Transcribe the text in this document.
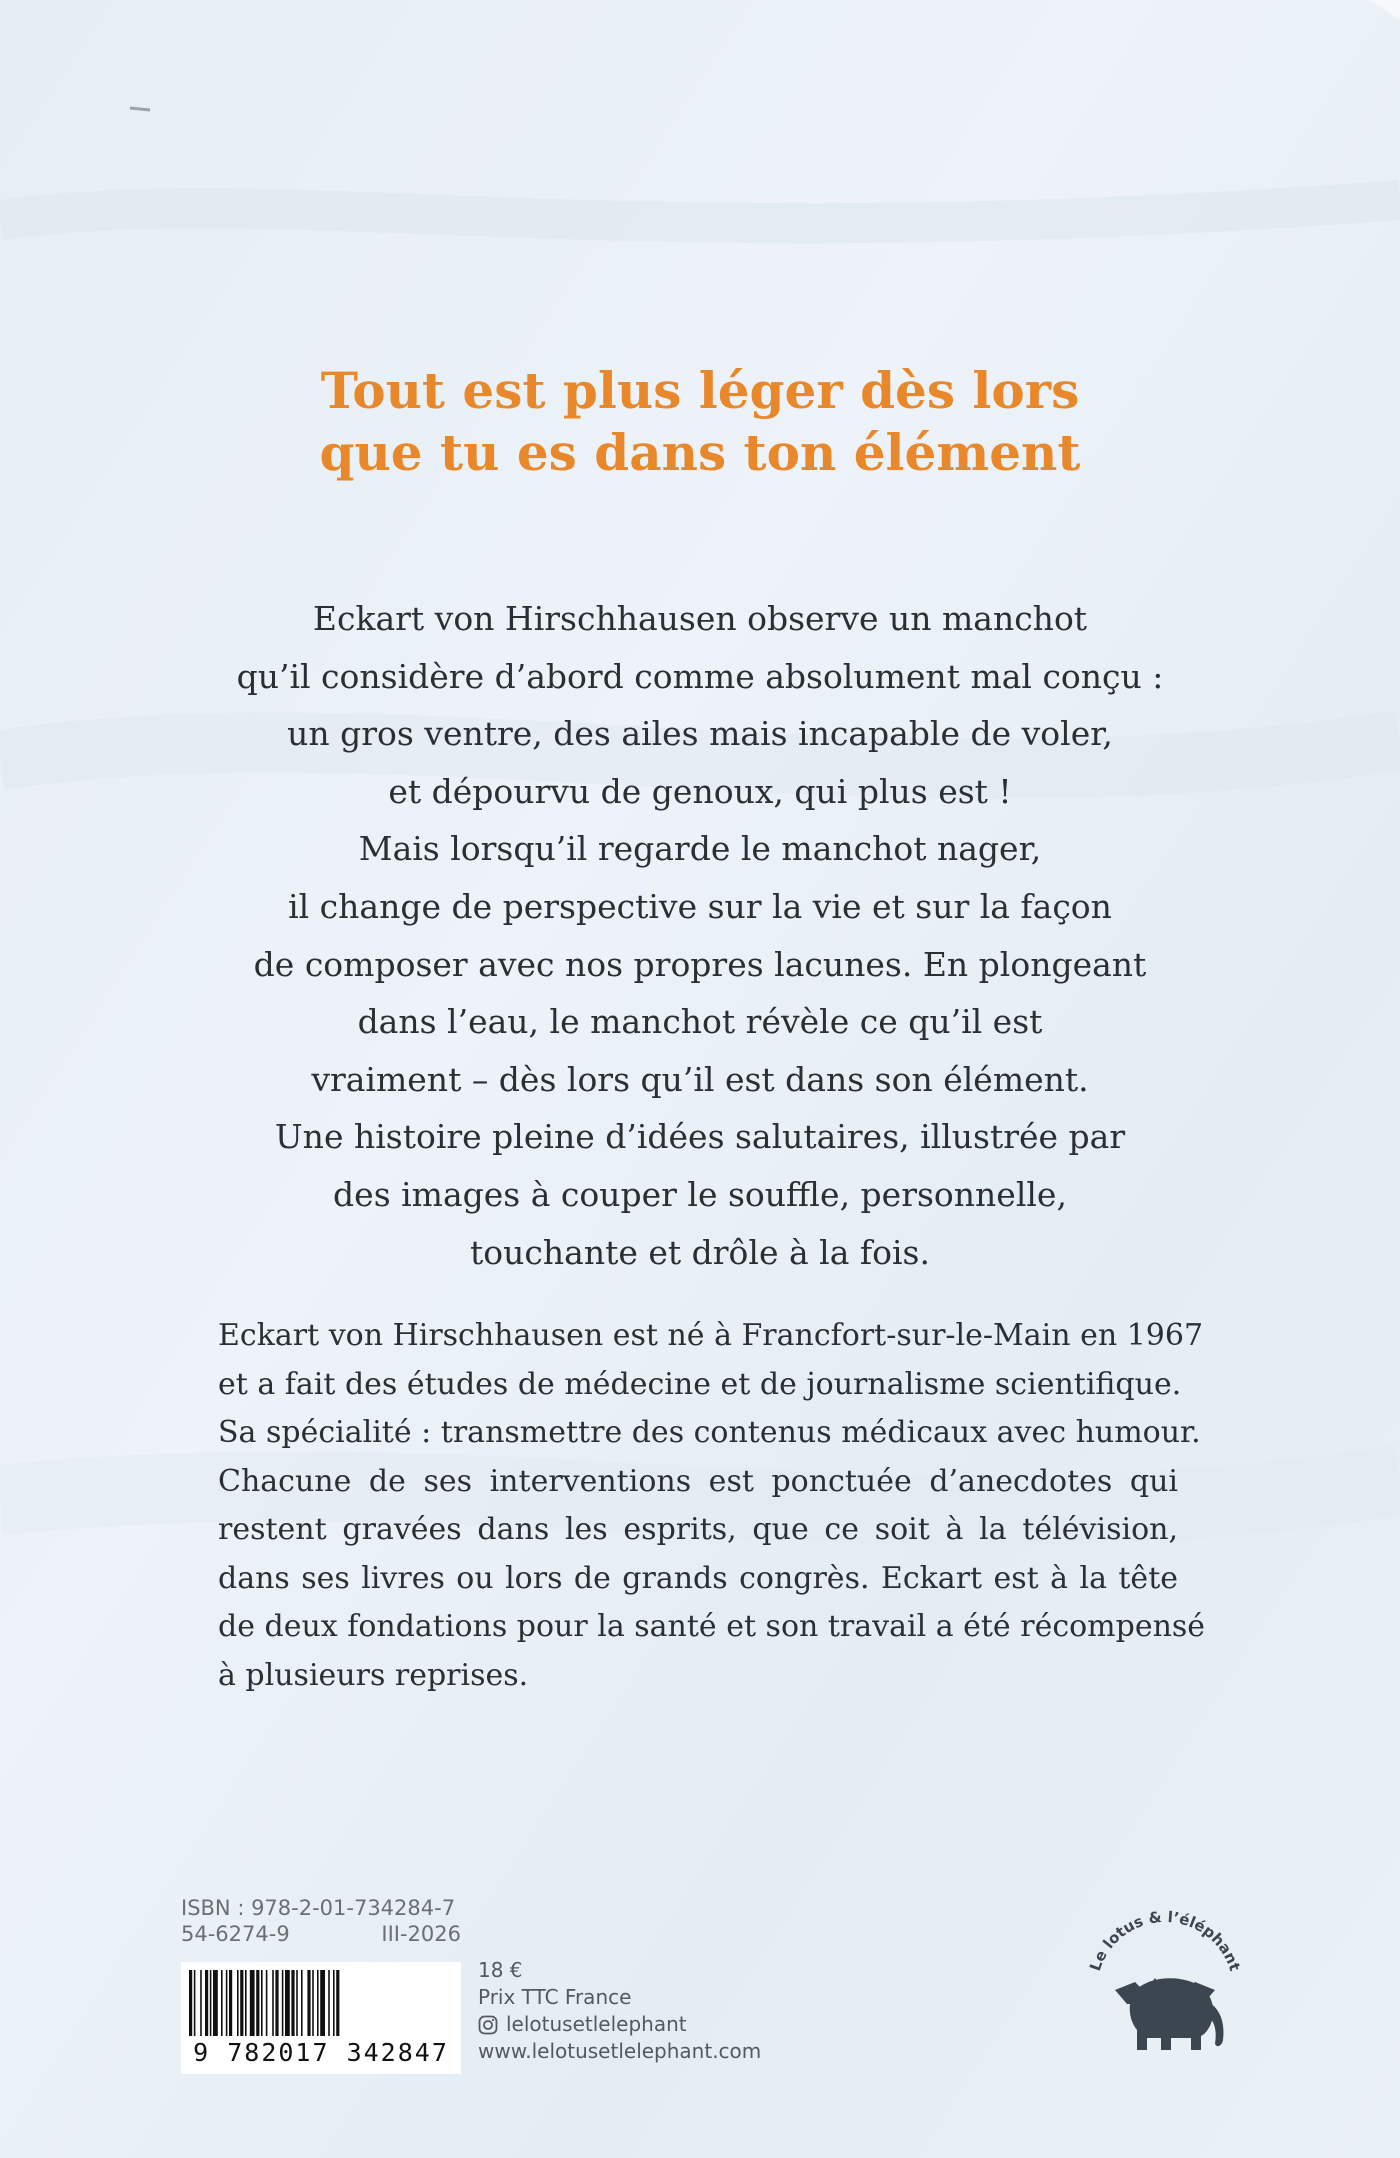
Tout est plus léger dès lors
que tu es dans ton élément
Eckart von Hirschhausen observe un manchot
qu’il considère d’abord comme absolument mal conçu :
un gros ventre, des ailes mais incapable de voler,
et dépourvu de genoux, qui plus est !
Mais lorsqu’il regarde le manchot nager,
il change de perspective sur la vie et sur la façon
de composer avec nos propres lacunes. En plongeant
dans l’eau, le manchot révèle ce qu’il est
vraiment – dès lors qu’il est dans son élément.
Une histoire pleine d’idées salutaires, illustrée par
des images à couper le souffle, personnelle,
touchante et drôle à la fois.
Eckart von Hirschhausen est né à Francfort-sur-le-Main en 1967
et a fait des études de médecine et de journalisme scientifique.
Sa spécialité : transmettre des contenus médicaux avec humour.
Chacune de ses interventions est ponctuée d’anecdotes qui
restent gravées dans les esprits, que ce soit à la télévision,
dans ses livres ou lors de grands congrès. Eckart est à la tête
de deux fondations pour la santé et son travail a été récompensé
à plusieurs reprises.
ISBN : 978-2-01-734284-7
54-6274-9	III-2026
9 782017 342847
18 €
Prix TTC France
lelotusetlelephant
www.lelotusetlelephant.com
Le lotus & l’éléphant
